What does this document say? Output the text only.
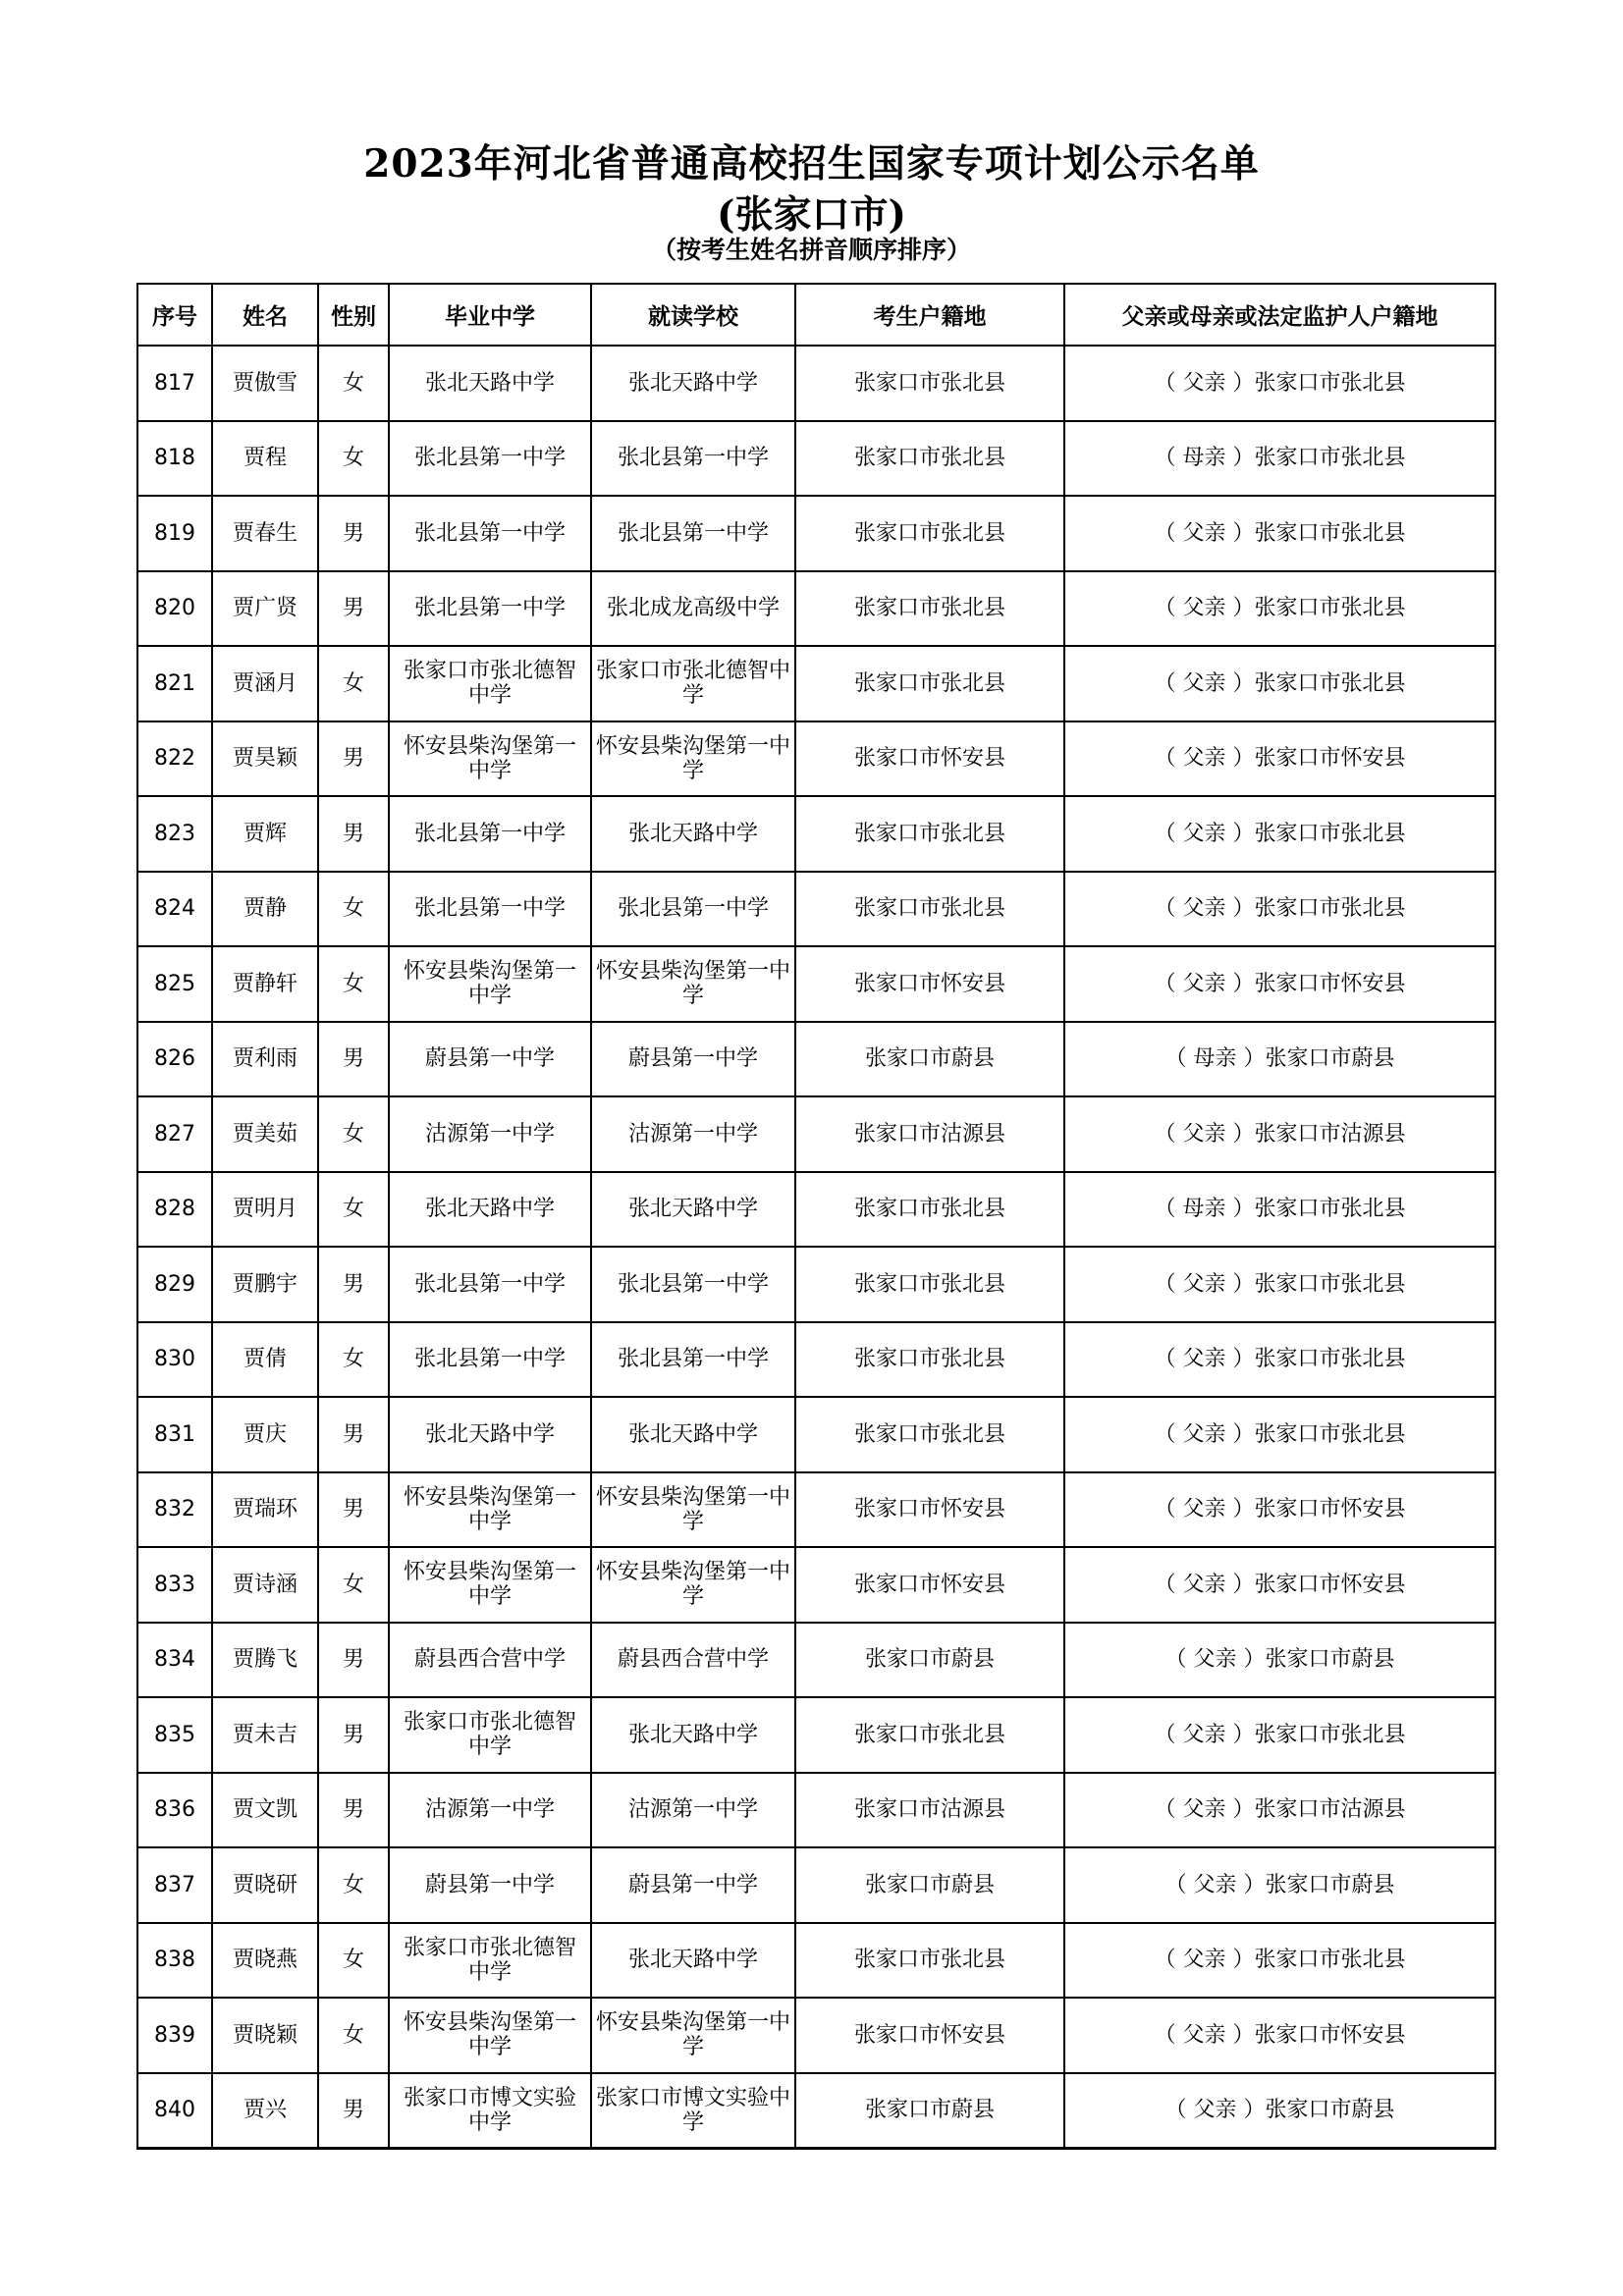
2023年河北省普通高校招生国家专项计划公示名单
(张家口市)
（按考生姓名拼音顺序排序）
序号	姓名	性别	毕业中学	就读学校	考生户籍地	父亲或母亲或法定监护人户籍地
817	贾傲雪	女	张北天路中学	张北天路中学	张家口市张北县	（ 父亲 ）张家口市张北县
818	贾程	女	张北县第一中学	张北县第一中学	张家口市张北县	（ 母亲 ）张家口市张北县
819	贾春生	男	张北县第一中学	张北县第一中学	张家口市张北县	（ 父亲 ）张家口市张北县
820	贾广贤	男	张北县第一中学	张北成龙高级中学	张家口市张北县	（ 父亲 ）张家口市张北县
821	贾涵月	女	张家口市张北德智中学	张家口市张北德智中学	张家口市张北县	（ 父亲 ）张家口市张北县
822	贾昊颖	男	怀安县柴沟堡第一中学	怀安县柴沟堡第一中学	张家口市怀安县	（ 父亲 ）张家口市怀安县
823	贾辉	男	张北县第一中学	张北天路中学	张家口市张北县	（ 父亲 ）张家口市张北县
824	贾静	女	张北县第一中学	张北县第一中学	张家口市张北县	（ 父亲 ）张家口市张北县
825	贾静轩	女	怀安县柴沟堡第一中学	怀安县柴沟堡第一中学	张家口市怀安县	（ 父亲 ）张家口市怀安县
826	贾利雨	男	蔚县第一中学	蔚县第一中学	张家口市蔚县	（ 母亲 ）张家口市蔚县
827	贾美茹	女	沽源第一中学	沽源第一中学	张家口市沽源县	（ 父亲 ）张家口市沽源县
828	贾明月	女	张北天路中学	张北天路中学	张家口市张北县	（ 母亲 ）张家口市张北县
829	贾鹏宇	男	张北县第一中学	张北县第一中学	张家口市张北县	（ 父亲 ）张家口市张北县
830	贾倩	女	张北县第一中学	张北县第一中学	张家口市张北县	（ 父亲 ）张家口市张北县
831	贾庆	男	张北天路中学	张北天路中学	张家口市张北县	（ 父亲 ）张家口市张北县
832	贾瑞环	男	怀安县柴沟堡第一中学	怀安县柴沟堡第一中学	张家口市怀安县	（ 父亲 ）张家口市怀安县
833	贾诗涵	女	怀安县柴沟堡第一中学	怀安县柴沟堡第一中学	张家口市怀安县	（ 父亲 ）张家口市怀安县
834	贾腾飞	男	蔚县西合营中学	蔚县西合营中学	张家口市蔚县	（ 父亲 ）张家口市蔚县
835	贾未吉	男	张家口市张北德智中学	张北天路中学	张家口市张北县	（ 父亲 ）张家口市张北县
836	贾文凯	男	沽源第一中学	沽源第一中学	张家口市沽源县	（ 父亲 ）张家口市沽源县
837	贾晓研	女	蔚县第一中学	蔚县第一中学	张家口市蔚县	（ 父亲 ）张家口市蔚县
838	贾晓燕	女	张家口市张北德智中学	张北天路中学	张家口市张北县	（ 父亲 ）张家口市张北县
839	贾晓颖	女	怀安县柴沟堡第一中学	怀安县柴沟堡第一中学	张家口市怀安县	（ 父亲 ）张家口市怀安县
840	贾兴	男	张家口市博文实验中学	张家口市博文实验中学	张家口市蔚县	（ 父亲 ）张家口市蔚县
